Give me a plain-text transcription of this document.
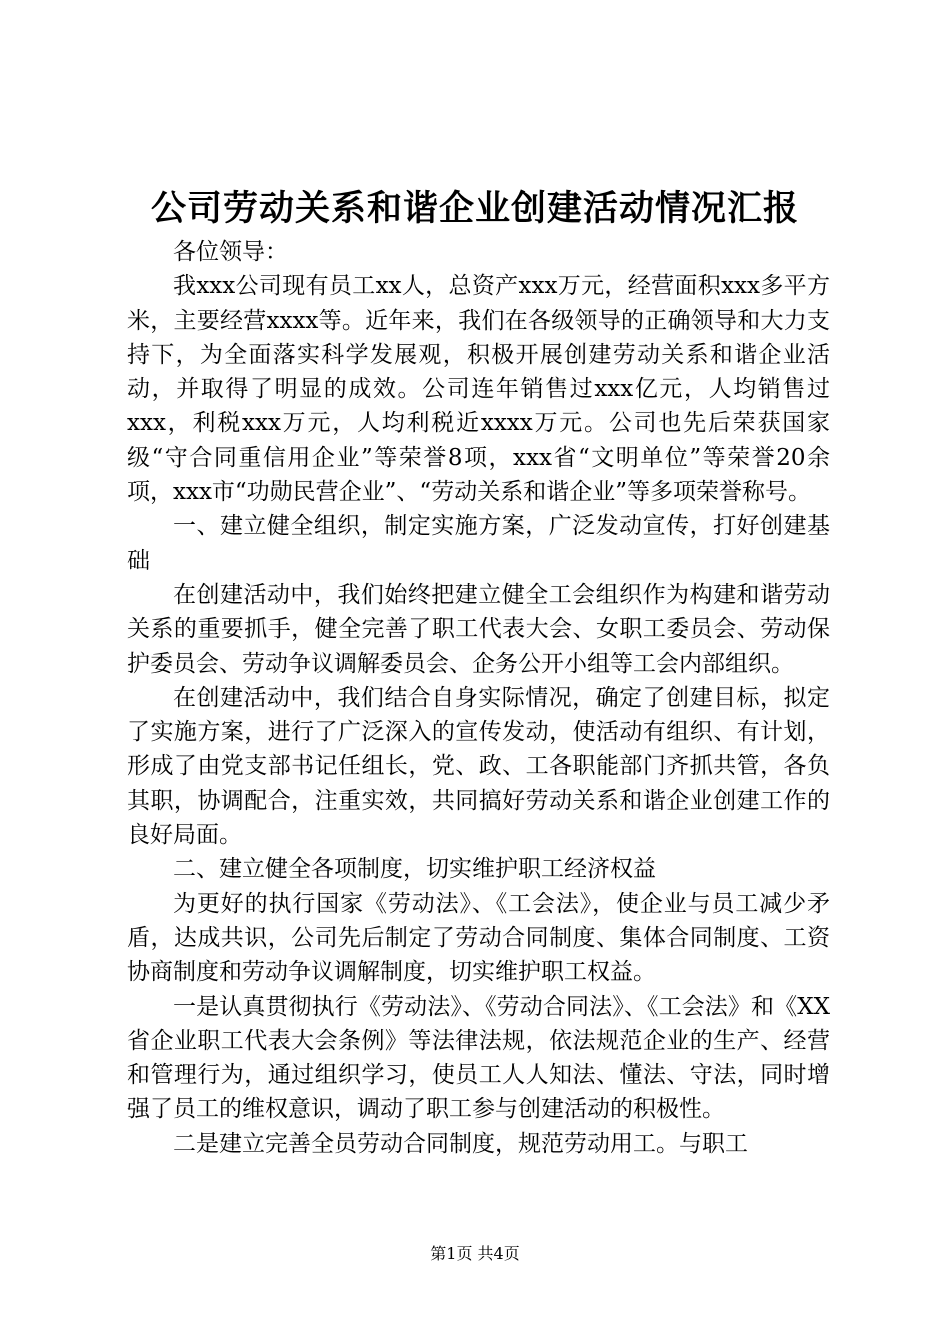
公司劳动关系和谐企业创建活动情况汇报

各位领导：

我xxx公司现有员工xx人，总资产xxx万元，经营面积xxx多平方米，主要经营xxxx等。近年来，我们在各级领导的正确领导和大力支持下，为全面落实科学发展观，积极开展创建劳动关系和谐企业活动，并取得了明显的成效。公司连年销售过xxx亿元，人均销售过xxx，利税xxx万元，人均利税近xxxx万元。公司也先后荣获国家级“守合同重信用企业”等荣誉8项，xxx省“文明单位”等荣誉20余项，xxx市“功勋民营企业”、“劳动关系和谐企业”等多项荣誉称号。

一、建立健全组织，制定实施方案，广泛发动宣传，打好创建基础

在创建活动中，我们始终把建立健全工会组织作为构建和谐劳动关系的重要抓手，健全完善了职工代表大会、女职工委员会、劳动保护委员会、劳动争议调解委员会、企务公开小组等工会内部组织。

在创建活动中，我们结合自身实际情况，确定了创建目标，拟定了实施方案，进行了广泛深入的宣传发动，使活动有组织、有计划，形成了由党支部书记任组长，党、政、工各职能部门齐抓共管，各负其职，协调配合，注重实效，共同搞好劳动关系和谐企业创建工作的良好局面。

二、建立健全各项制度，切实维护职工经济权益

为更好的执行国家《劳动法》、《工会法》，使企业与员工减少矛盾，达成共识，公司先后制定了劳动合同制度、集体合同制度、工资协商制度和劳动争议调解制度，切实维护职工权益。

一是认真贯彻执行《劳动法》、《劳动合同法》、《工会法》和《XX省企业职工代表大会条例》等法律法规，依法规范企业的生产、经营和管理行为，通过组织学习，使员工人人知法、懂法、守法，同时增强了员工的维权意识，调动了职工参与创建活动的积极性。

二是建立完善全员劳动合同制度，规范劳动用工。与职工

第1页 共4页
